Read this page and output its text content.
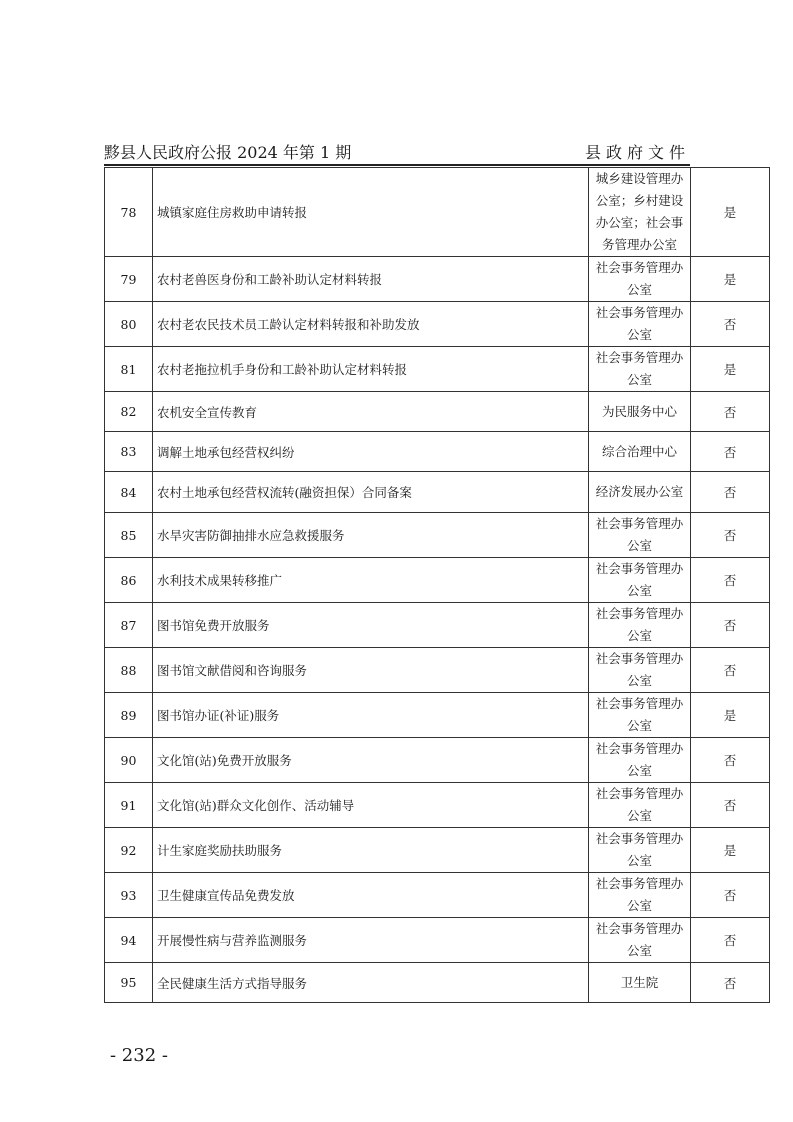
黟县人民政府公报 2024 年第 1 期	县政府文件
78	城镇家庭住房救助申请转报	城乡建设管理办公室；乡村建设办公室；社会事务管理办公室	是
79	农村老兽医身份和工龄补助认定材料转报	社会事务管理办公室	是
80	农村老农民技术员工龄认定材料转报和补助发放	社会事务管理办公室	否
81	农村老拖拉机手身份和工龄补助认定材料转报	社会事务管理办公室	是
82	农机安全宣传教育	为民服务中心	否
83	调解土地承包经营权纠纷	综合治理中心	否
84	农村土地承包经营权流转(融资担保）合同备案	经济发展办公室	否
85	水旱灾害防御抽排水应急救援服务	社会事务管理办公室	否
86	水利技术成果转移推广	社会事务管理办公室	否
87	图书馆免费开放服务	社会事务管理办公室	否
88	图书馆文献借阅和咨询服务	社会事务管理办公室	否
89	图书馆办证(补证)服务	社会事务管理办公室	是
90	文化馆(站)免费开放服务	社会事务管理办公室	否
91	文化馆(站)群众文化创作、活动辅导	社会事务管理办公室	否
92	计生家庭奖励扶助服务	社会事务管理办公室	是
93	卫生健康宣传品免费发放	社会事务管理办公室	否
94	开展慢性病与营养监测服务	社会事务管理办公室	否
95	全民健康生活方式指导服务	卫生院	否
- 232 -
